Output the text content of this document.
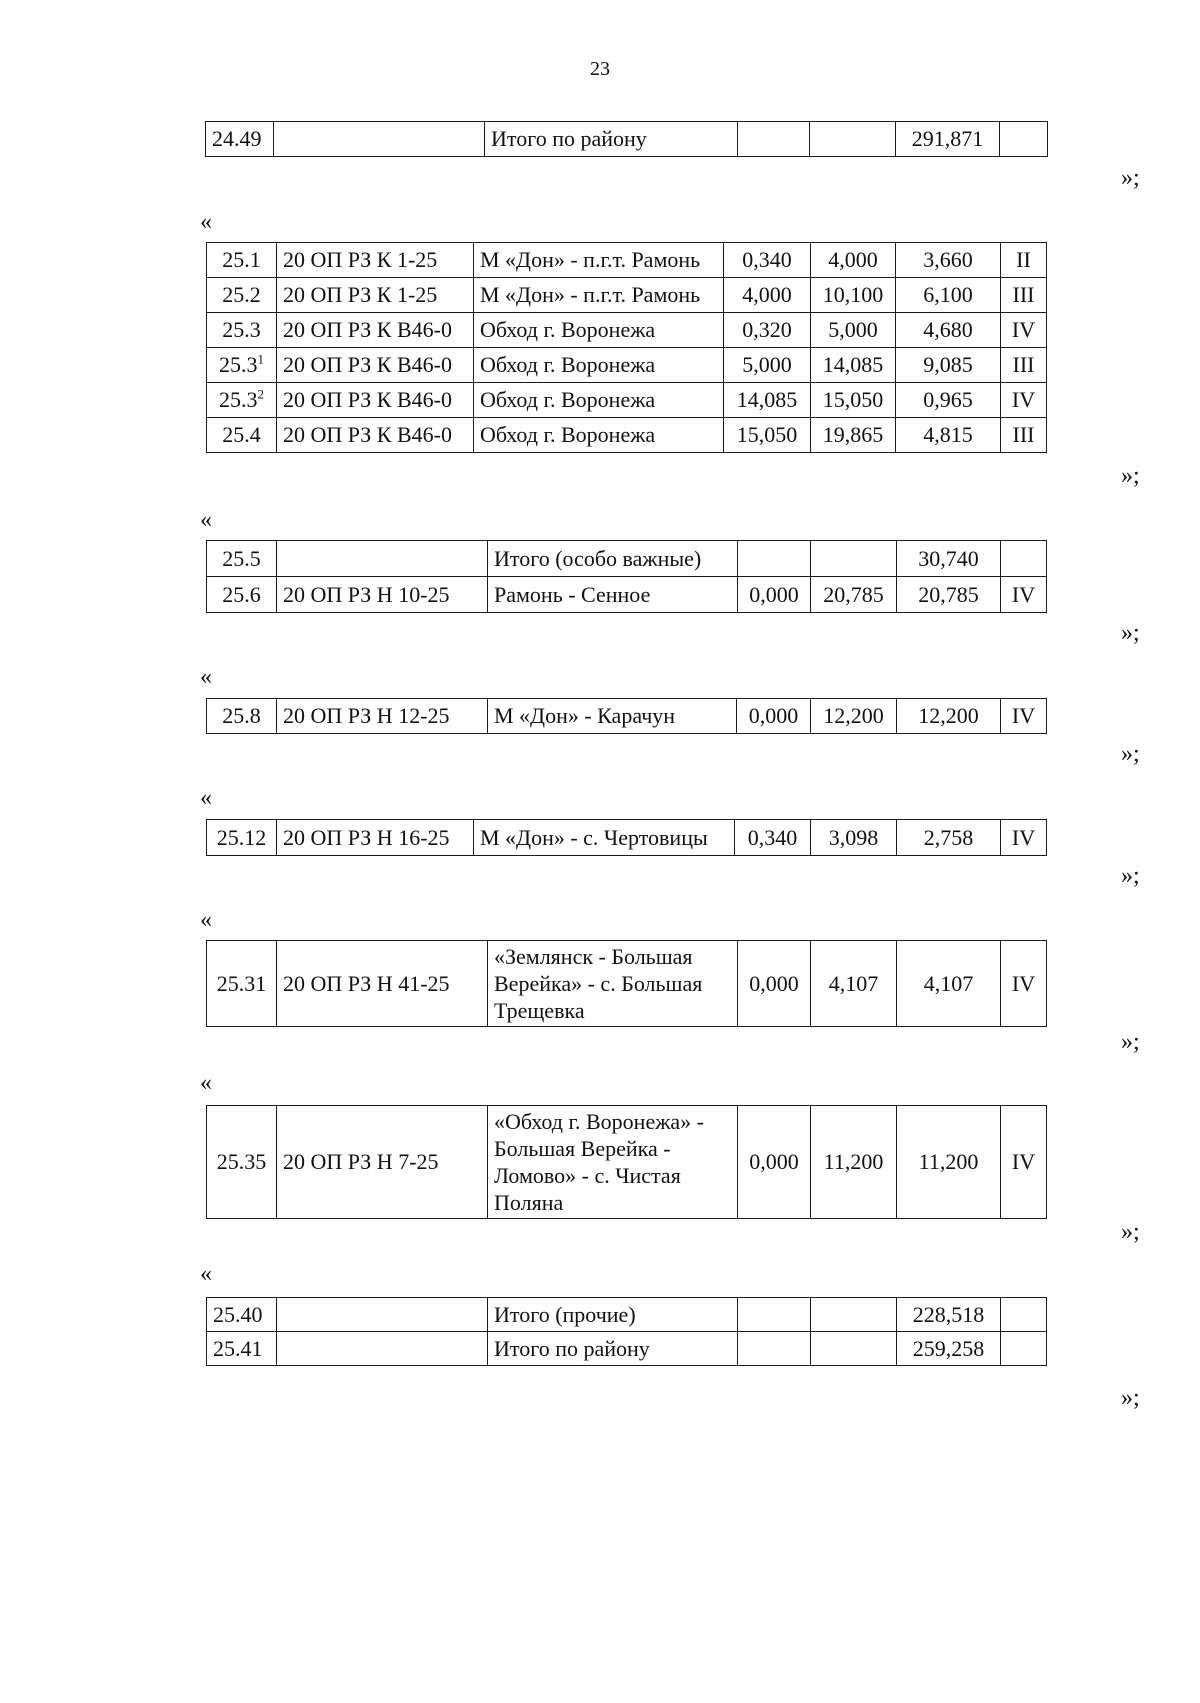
23
24.49		Итого по району			291,871	
»;
«
25.1	20 ОП РЗ К 1-25	М «Дон» - п.г.т. Рамонь	0,340	4,000	3,660	II
25.2	20 ОП РЗ К 1-25	М «Дон» - п.г.т. Рамонь	4,000	10,100	6,100	III
25.3	20 ОП РЗ К В46-0	Обход г. Воронежа	0,320	5,000	4,680	IV
25.3$^1$	20 ОП РЗ К В46-0	Обход г. Воронежа	5,000	14,085	9,085	III
25.3$^2$	20 ОП РЗ К В46-0	Обход г. Воронежа	14,085	15,050	0,965	IV
25.4	20 ОП РЗ К В46-0	Обход г. Воронежа	15,050	19,865	4,815	III
»;
«
25.5		Итого (особо важные)			30,740	
25.6	20 ОП РЗ Н 10-25	Рамонь - Сенное	0,000	20,785	20,785	IV
»;
«
25.8	20 ОП РЗ Н 12-25	М «Дон» - Карачун	0,000	12,200	12,200	IV
»;
«
25.12	20 ОП РЗ Н 16-25	М «Дон» - с. Чертовицы	0,340	3,098	2,758	IV
»;
«
25.31	20 ОП РЗ Н 41-25	«Землянск - Большая Верейка» - с. Большая Трещевка	0,000	4,107	4,107	IV
»;
«
25.35	20 ОП РЗ Н 7-25	«Обход г. Воронежа» - Большая Верейка - Ломово» - с. Чистая Поляна	0,000	11,200	11,200	IV
»;
«
25.40		Итого (прочие)			228,518	
25.41		Итого по району			259,258	
»;
